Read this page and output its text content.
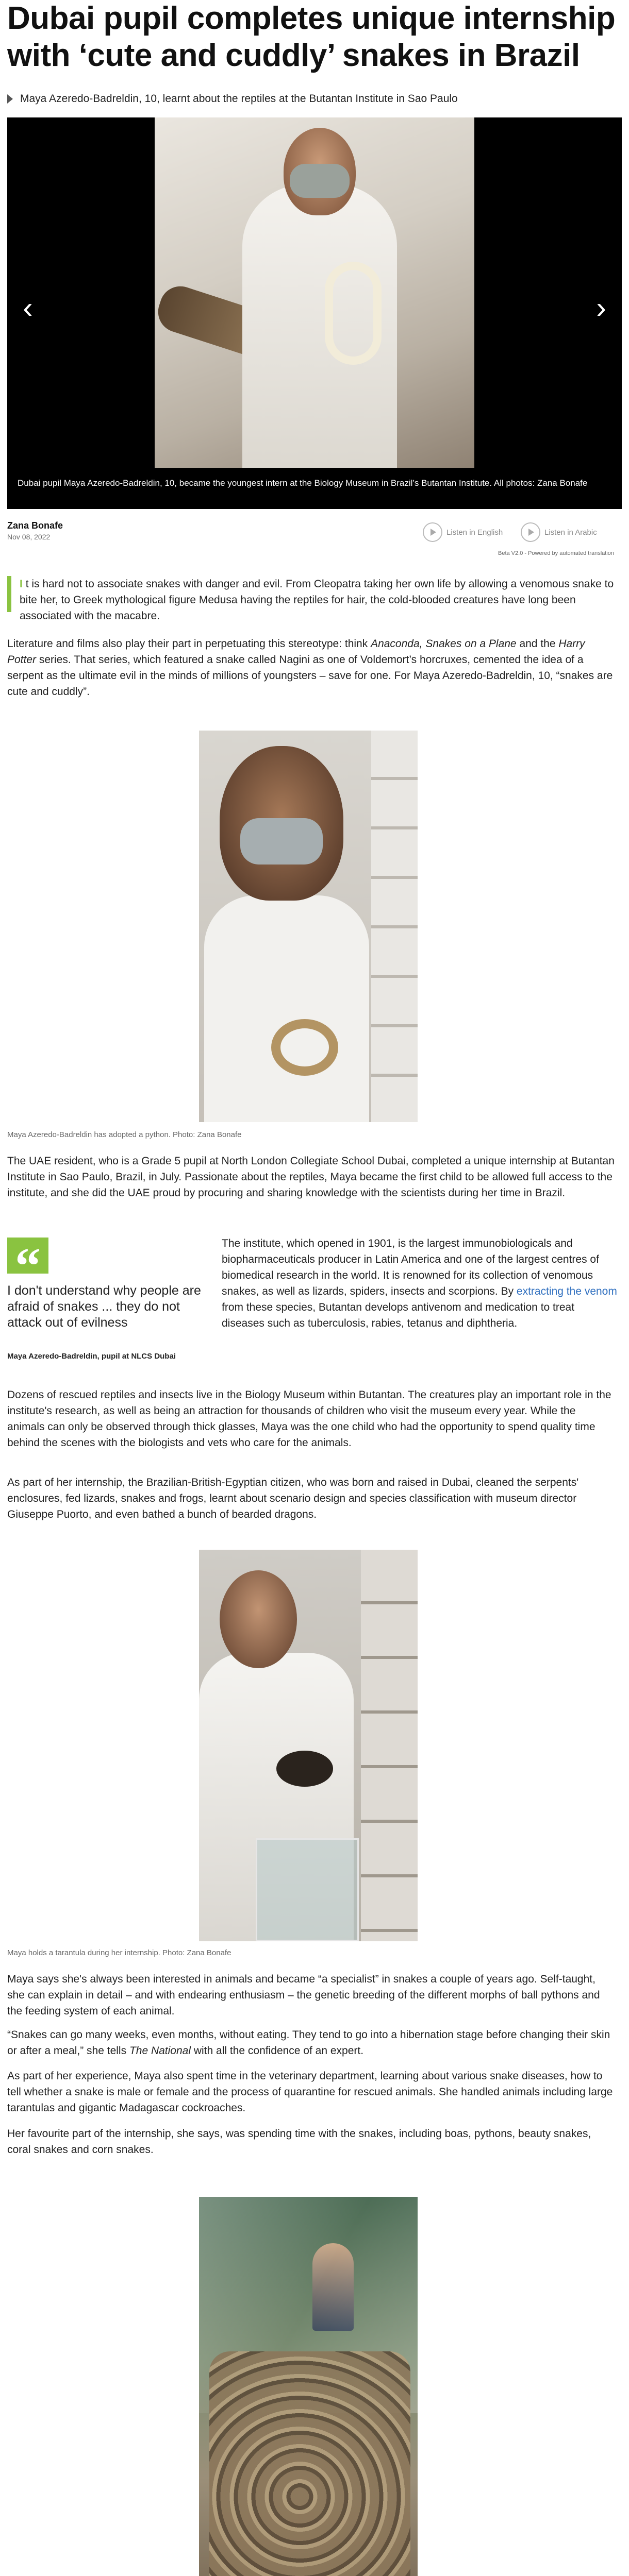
Dubai pupil completes unique internship with ‘cute and cuddly’ snakes in Brazil
Maya Azeredo-Badreldin, 10, learnt about the reptiles at the Butantan Institute in Sao Paulo
‹	›
Dubai pupil Maya Azeredo-Badreldin, 10, became the youngest intern at the Biology Museum in Brazil’s Butantan Institute. All photos: Zana Bonafe
Zana Bonafe
Nov 08, 2022
Listen in English	Listen in Arabic
Beta V2.0 - Powered by automated translation

I t is hard not to associate snakes with danger and evil. From Cleopatra taking her own life by allowing a venomous snake to bite her, to Greek mythological figure Medusa having the reptiles for hair, the cold-blooded creatures have long been associated with the macabre.

Literature and films also play their part in perpetuating this stereotype: think Anaconda, Snakes on a Plane and the Harry Potter series. That series, which featured a snake called Nagini as one of Voldemort’s horcruxes, cemented the idea of a serpent as the ultimate evil in the minds of millions of youngsters – save for one. For Maya Azeredo-Badreldin, 10, “snakes are cute and cuddly”.

Maya Azeredo-Badreldin has adopted a python. Photo: Zana Bonafe

The UAE resident, who is a Grade 5 pupil at North London Collegiate School Dubai, completed a unique internship at Butantan Institute in Sao Paulo, Brazil, in July. Passionate about the reptiles, Maya became the first child to be allowed full access to the institute, and she did the UAE proud by procuring and sharing knowledge with the scientists during her time in Brazil.

“
I don't understand why people are afraid of snakes ... they do not attack out of evilness
Maya Azeredo-Badreldin, pupil at NLCS Dubai

The institute, which opened in 1901, is the largest immunobiologicals and biopharmaceuticals producer in Latin America and one of the largest centres of biomedical research in the world. It is renowned for its collection of venomous snakes, as well as lizards, spiders, insects and scorpions. By extracting the venom from these species, Butantan develops antivenom and medication to treat diseases such as tuberculosis, rabies, tetanus and diphtheria.

Dozens of rescued reptiles and insects live in the Biology Museum within Butantan. The creatures play an important role in the institute's research, as well as being an attraction for thousands of children who visit the museum every year. While the animals can only be observed through thick glasses, Maya was the one child who had the opportunity to spend quality time behind the scenes with the biologists and vets who care for the animals.

As part of her internship, the Brazilian-British-Egyptian citizen, who was born and raised in Dubai, cleaned the serpents' enclosures, fed lizards, snakes and frogs, learnt about scenario design and species classification with museum director Giuseppe Puorto, and even bathed a bunch of bearded dragons.

Maya holds a tarantula during her internship. Photo: Zana Bonafe

Maya says she's always been interested in animals and became “a specialist” in snakes a couple of years ago. Self-taught, she can explain in detail – and with endearing enthusiasm – the genetic breeding of the different morphs of ball pythons and the feeding system of each animal.

“Snakes can go many weeks, even months, without eating. They tend to go into a hibernation stage before changing their skin or after a meal,” she tells The National with all the confidence of an expert.

As part of her experience, Maya also spent time in the veterinary department, learning about various snake diseases, how to tell whether a snake is male or female and the process of quarantine for rescued animals. She handled animals including large tarantulas and gigantic Madagascar cockroaches.

Her favourite part of the internship, she says, was spending time with the snakes, including boas, pythons, beauty snakes, coral snakes and corn snakes.
